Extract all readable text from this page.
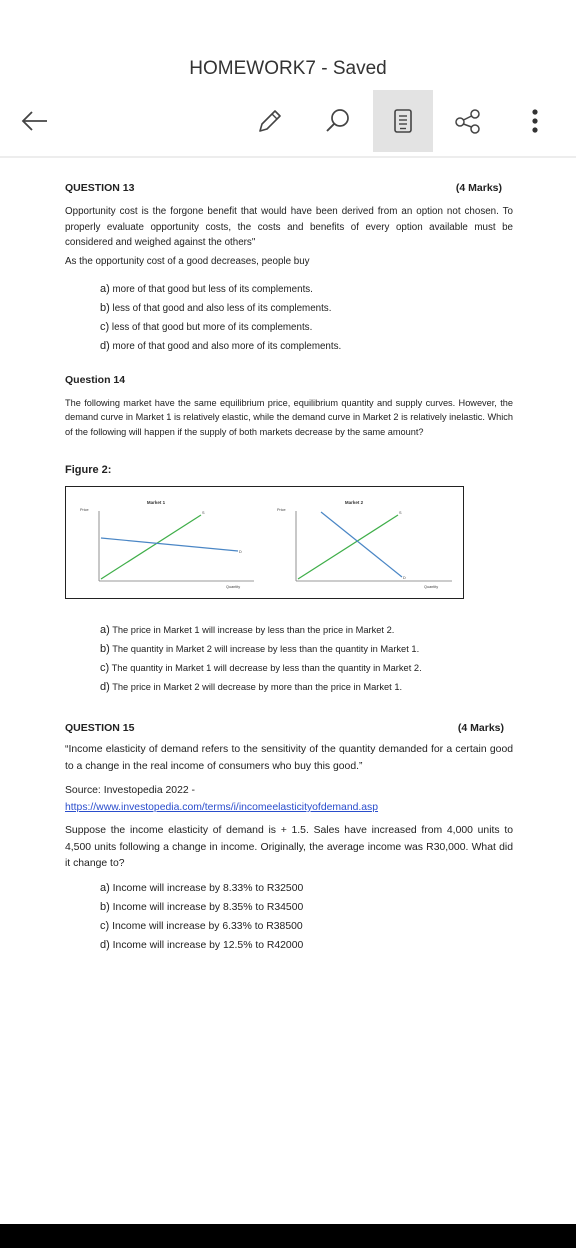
HOMEWORK7 - Saved
QUESTION 13	(4 Marks)
Opportunity cost is the forgone benefit that would have been derived from an option not chosen. To properly evaluate opportunity costs, the costs and benefits of every option available must be considered and weighed against the others"
As the opportunity cost of a good decreases, people buy
a) more of that good but less of its complements.
b) less of that good and also less of its complements.
c) less of that good but more of its complements.
d) more of that good and also more of its complements.
Question 14
The following market have the same equilibrium price, equilibrium quantity and supply curves. However, the demand curve in Market 1 is relatively elastic, while the demand curve in Market 2 is relatively inelastic. Which of the following will happen if the supply of both markets decrease by the same amount?
Figure 2:
Market 1
Price
S
D
Quantity
Market 2
Price
S
D
Quantity
a) The price in Market 1 will increase by less than the price in Market 2.
b) The quantity in Market 2 will increase by less than the quantity in Market 1.
c) The quantity in Market 1 will decrease by less than the quantity in Market 2.
d) The price in Market 2 will decrease by more than the price in Market 1.
QUESTION 15	(4 Marks)
“Income elasticity of demand refers to the sensitivity of the quantity demanded for a certain good to a change in the real income of consumers who buy this good.”
Source: Investopedia 2022 -
https://www.investopedia.com/terms/i/incomeelasticityofdemand.asp
Suppose the income elasticity of demand is + 1.5. Sales have increased from 4,000 units to 4,500 units following a change in income. Originally, the average income was R30,000. What did it change to?
a) Income will increase by 8.33% to R32500
b) Income will increase by 8.35% to R34500
c) Income will increase by 6.33% to R38500
d) Income will increase by 12.5% to R42000
